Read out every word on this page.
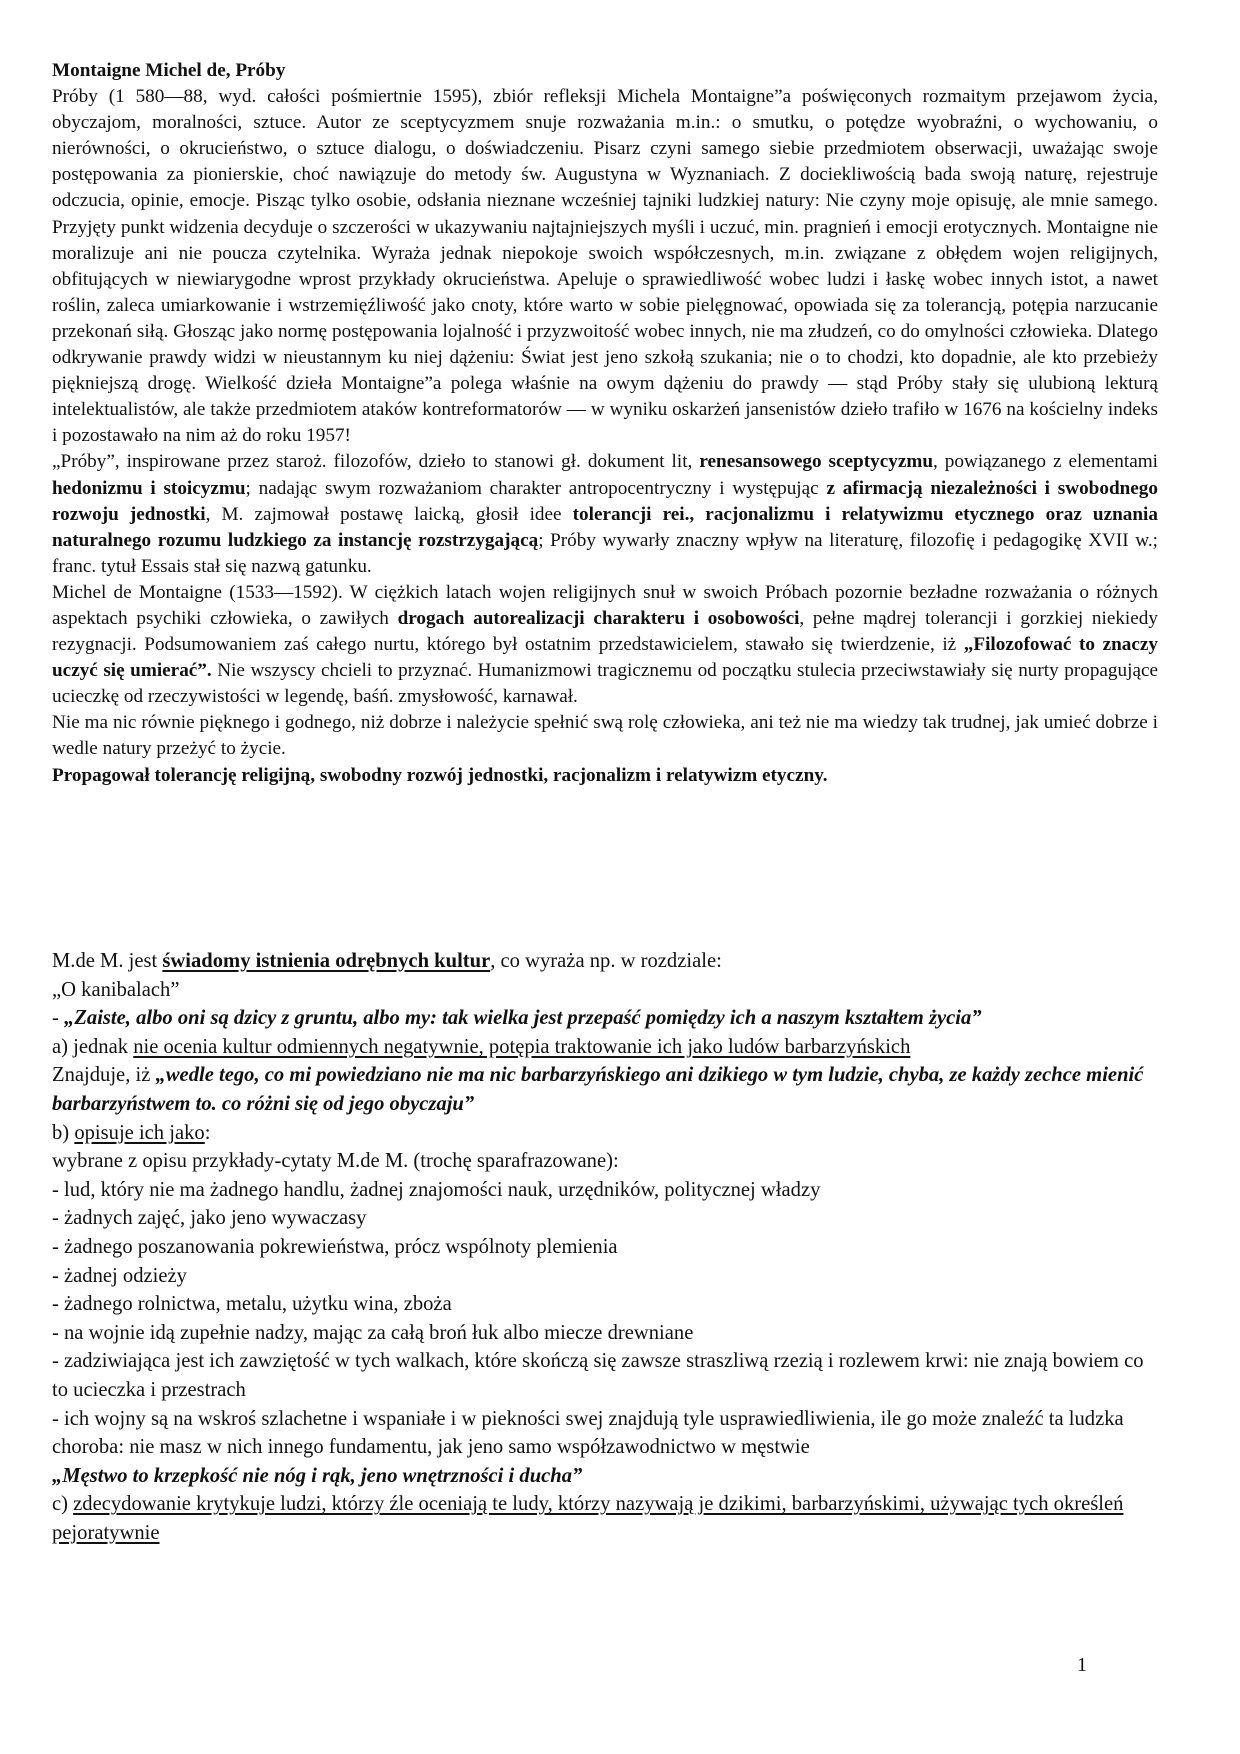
Montaigne Michel de, Próby

Próby (1 580—88, wyd. całości pośmiertnie 1595), zbiór refleksji Michela Montaigne”a poświęconych rozmaitym przejawom życia, obyczajom, moralności, sztuce. Autor ze sceptycyzmem snuje rozważania m.in.: o smutku, o potędze wyobraźni, o wychowaniu, o nierówności, o okrucieństwo, o sztuce dialogu, o doświadczeniu. Pisarz czyni samego siebie przedmiotem obserwacji, uważając swoje postępowania za pionierskie, choć nawiązuje do metody św. Augustyna w Wyznaniach. Z dociekliwością bada swoją naturę, rejestruje odczucia, opinie, emocje. Pisząc tylko osobie, odsłania nieznane wcześniej tajniki ludzkiej natury: Nie czyny moje opisuję, ale mnie samego. Przyjęty punkt widzenia decyduje o szczerości w ukazywaniu najtajniejszych myśli i uczuć, min. pragnień i emocji erotycznych. Montaigne nie moralizuje ani nie poucza czytelnika. Wyraża jednak niepokoje swoich współczesnych, m.in. związane z obłędem wojen religijnych, obfitujących w niewiarygodne wprost przykłady okrucieństwa. Apeluje o sprawiedliwość wobec ludzi i łaskę wobec innych istot, a nawet roślin, zaleca umiarkowanie i wstrzemięźliwość jako cnoty, które warto w sobie pielęgnować, opowiada się za tolerancją, potępia narzucanie przekonań siłą. Głosząc jako normę postępowania lojalność i przyzwoitość wobec innych, nie ma złudzeń, co do omylności człowieka. Dlatego odkrywanie prawdy widzi w nieustannym ku niej dążeniu: Świat jest jeno szkołą szukania; nie o to chodzi, kto dopadnie, ale kto przebieży piękniejszą drogę. Wielkość dzieła Montaigne”a polega właśnie na owym dążeniu do prawdy — stąd Próby stały się ulubioną lekturą intelektualistów, ale także przedmiotem ataków kontreformatorów — w wyniku oskarżeń jansenistów dzieło trafiło w 1676 na kościelny indeks i pozostawało na nim aż do roku 1957!

„Próby”, inspirowane przez staroż. filozofów, dzieło to stanowi gł. dokument lit, renesansowego sceptycyzmu, powiązanego z elementami hedonizmu i stoicyzmu; nadając swym rozważaniom charakter antropocentryczny i występując z afirmacją niezależności i swobodnego rozwoju jednostki, M. zajmował postawę laicką, głosił idee tolerancji rei., racjonalizmu i relatywizmu etycznego oraz uznania naturalnego rozumu ludzkiego za instancję rozstrzygającą; Próby wywarły znaczny wpływ na literaturę, filozofię i pedagogikę XVII w.; franc. tytuł Essais stał się nazwą gatunku.

Michel de Montaigne (1533—1592). W ciężkich latach wojen religijnych snuł w swoich Próbach pozornie bezładne rozważania o różnych aspektach psychiki człowieka, o zawiłych drogach autorealizacji charakteru i osobowości, pełne mądrej tolerancji i gorzkiej niekiedy rezygnacji. Podsumowaniem zaś całego nurtu, którego był ostatnim przedstawicielem, stawało się twierdzenie, iż „Filozofować to znaczy uczyć się umierać”. Nie wszyscy chcieli to przyznać. Humanizmowi tragicznemu od początku stulecia przeciwstawiały się nurty propagujące ucieczkę od rzeczywistości w legendę, baśń. zmysłowość, karnawał.

Nie ma nic równie pięknego i godnego, niż dobrze i należycie spełnić swą rolę człowieka, ani też nie ma wiedzy tak trudnej, jak umieć dobrze i wedle natury przeżyć to życie.

Propagował tolerancję religijną, swobodny rozwój jednostki, racjonalizm i relatywizm etyczny.

M.de M. jest świadomy istnienia odrębnych kultur, co wyraża np. w rozdziale:

„O kanibalach”

- „Zaiste, albo oni są dzicy z gruntu, albo my: tak wielka jest przepaść pomiędzy ich a naszym kształtem życia”

a) jednak nie ocenia kultur odmiennych negatywnie, potępia traktowanie ich jako ludów barbarzyńskich

Znajduje, iż „wedle tego, co mi powiedziano nie ma nic barbarzyńskiego ani dzikiego w tym ludzie, chyba, ze każdy zechce mienić barbarzyństwem to. co różni się od jego obyczaju”

b) opisuje ich jako:

wybrane z opisu przykłady-cytaty M.de M. (trochę sparafrazowane):

- lud, który nie ma żadnego handlu, żadnej znajomości nauk, urzędników, politycznej władzy

- żadnych zajęć, jako jeno wywaczasy

- żadnego poszanowania pokrewieństwa, prócz wspólnoty plemienia

- żadnej odzieży

- żadnego rolnictwa, metalu, użytku wina, zboża

- na wojnie idą zupełnie nadzy, mając za całą broń łuk albo miecze drewniane

- zadziwiająca jest ich zawziętość w tych walkach, które skończą się zawsze straszliwą rzezią i rozlewem krwi: nie znają bowiem co to ucieczka i przestrach

- ich wojny są na wskroś szlachetne i wspaniałe i w piekności swej znajdują tyle usprawiedliwienia, ile go może znaleźć ta ludzka choroba: nie masz w nich innego fundamentu, jak jeno samo współzawodnictwo w męstwie

„Męstwo to krzepkość nie nóg i rąk, jeno wnętrzności i ducha”

c) zdecydowanie krytykuje ludzi, którzy źle oceniają te ludy, którzy nazywają je dzikimi, barbarzyńskimi, używając tych określeń pejoratywnie

1
